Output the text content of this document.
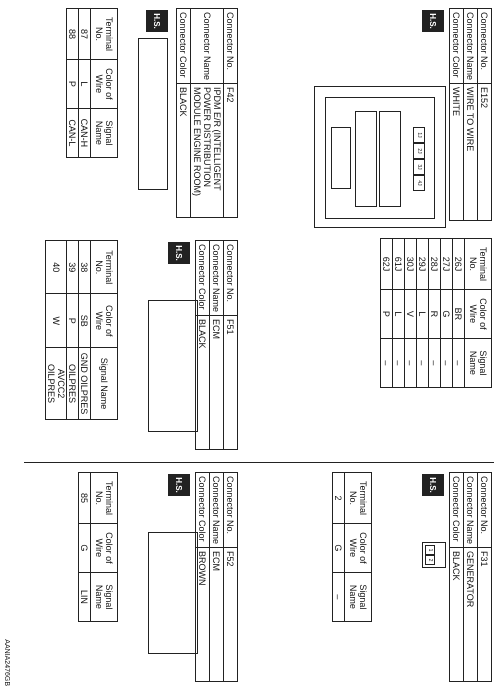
Connector No.	E152
Connector Name	WIRE TO WIRE
Connector Color	WHITE
H.S.
1J
2J
3J
4J
Terminal No.	Color of Wire	Signal Name
26J	BR	–
27J	G	–
28J	R	–
29J	L	–
30J	V	–
61J	L	–
62J	P	–
Connector No.	F31
Connector Name	GENERATOR
Connector Color	BLACK
H.S.
1
2
Terminal No.	Color of Wire	Signal Name
2	G	–
Connector No.	F42
Connector Name	IPDM E/R (INTELLIGENT POWER DISTRIBUTION MODULE ENGINE ROOM)
Connector Color	BLACK
H.S.
Terminal No.	Color of Wire	Signal Name
87	L	CAN-H
88	P	CAN-L
Connector No.	F51
Connector Name	ECM
Connector Color	BLACK
H.S.
Terminal No.	Color of Wire	Signal Name
38	SB	GND OILPRES
39	P	OILPRES
40	W	AVCC2 OILPRES
Connector No.	F52
Connector Name	ECM
Connector Color	BROWN
H.S.
Terminal No.	Color of Wire	Signal Name
85	G	LIN
AANIA2476GB
